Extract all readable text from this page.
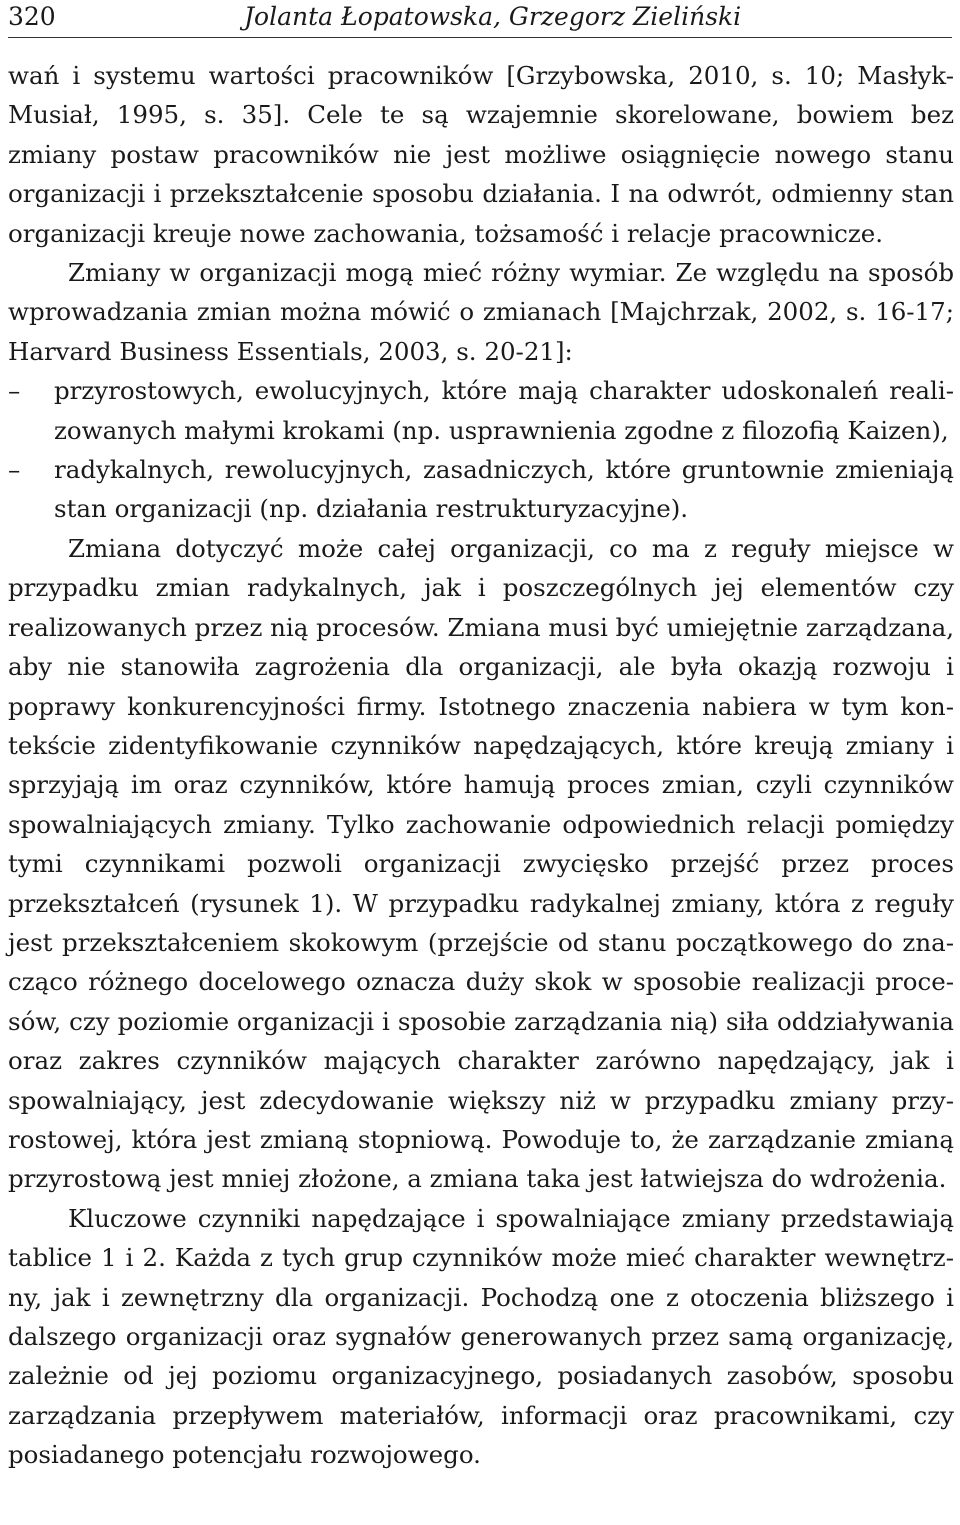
320	Jolanta Łopatowska, Grzegorz Zieliński

wań i systemu wartości pracowników [Grzybowska, 2010, s. 10; Masłyk-Musiał, 1995, s. 35]. Cele te są wzajemnie skorelowane, bowiem bez zmiany postaw pracowników nie jest możliwe osiągnięcie nowego stanu organizacji i przekształcenie sposobu działania. I na odwrót, odmienny stan organizacji kreuje nowe zachowania, tożsamość i relacje pracownicze.

Zmiany w organizacji mogą mieć różny wymiar. Ze względu na sposób wprowadzania zmian można mówić o zmianach [Majchrzak, 2002, s. 16-17; Harvard Business Essentials, 2003, s. 20-21]:

–	przyrostowych, ewolucyjnych, które mają charakter udoskonaleń realizowanych małymi krokami (np. usprawnienia zgodne z filozofią Kaizen),
–	radykalnych, rewolucyjnych, zasadniczych, które gruntownie zmieniają stan organizacji (np. działania restrukturyzacyjne).

Zmiana dotyczyć może całej organizacji, co ma z reguły miejsce w przypadku zmian radykalnych, jak i poszczególnych jej elementów czy realizowanych przez nią procesów. Zmiana musi być umiejętnie zarządzana, aby nie stanowiła zagrożenia dla organizacji, ale była okazją rozwoju i poprawy konkurencyjności firmy. Istotnego znaczenia nabiera w tym kontekście zidentyfikowanie czynników napędzających, które kreują zmiany i sprzyjają im oraz czynników, które hamują proces zmian, czyli czynników spowalniających zmiany. Tylko zachowanie odpowiednich relacji pomiędzy tymi czynnikami pozwoli organizacji zwycięsko przejść przez proces przekształceń (rysunek 1). W przypadku radykalnej zmiany, która z reguły jest przekształceniem skokowym (przejście od stanu początkowego do znacząco różnego docelowego oznacza duży skok w sposobie realizacji procesów, czy poziomie organizacji i sposobie zarządzania nią) siła oddziaływania oraz zakres czynników mających charakter zarówno napędzający, jak i spowalniający, jest zdecydowanie większy niż w przypadku zmiany przyrostowej, która jest zmianą stopniową. Powoduje to, że zarządzanie zmianą przyrostową jest mniej złożone, a zmiana taka jest łatwiejsza do wdrożenia.

Kluczowe czynniki napędzające i spowalniające zmiany przedstawiają tablice 1 i 2. Każda z tych grup czynników może mieć charakter wewnętrzny, jak i zewnętrzny dla organizacji. Pochodzą one z otoczenia bliższego i dalszego organizacji oraz sygnałów generowanych przez samą organizację, zależnie od jej poziomu organizacyjnego, posiadanych zasobów, sposobu zarządzania przepływem materiałów, informacji oraz pracownikami, czy posiadanego potencjału rozwojowego.
